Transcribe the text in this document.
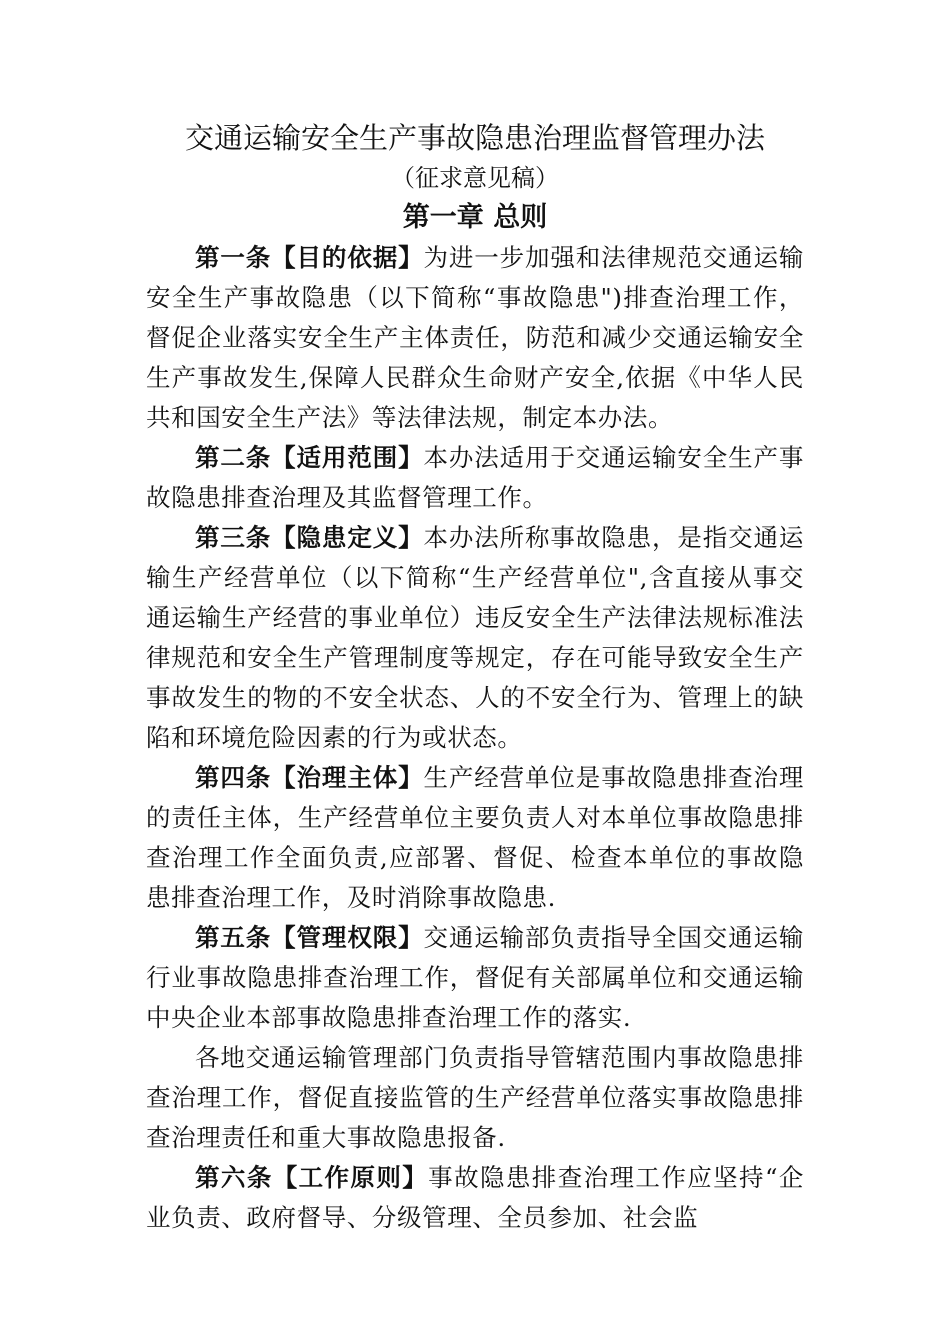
交通运输安全生产事故隐患治理监督管理办法
（征求意见稿）
第一章 总则

第一条【目的依据】为进一步加强和法律规范交通运输安全生产事故隐患（以下简称“事故隐患")排查治理工作，督促企业落实安全生产主体责任，防范和减少交通运输安全生产事故发生,保障人民群众生命财产安全,依据《中华人民共和国安全生产法》等法律法规，制定本办法。

第二条【适用范围】本办法适用于交通运输安全生产事故隐患排查治理及其监督管理工作。

第三条【隐患定义】本办法所称事故隐患，是指交通运输生产经营单位（以下简称“生产经营单位",含直接从事交通运输生产经营的事业单位）违反安全生产法律法规标准法律规范和安全生产管理制度等规定，存在可能导致安全生产事故发生的物的不安全状态、人的不安全行为、管理上的缺陷和环境危险因素的行为或状态。

第四条【治理主体】生产经营单位是事故隐患排查治理的责任主体，生产经营单位主要负责人对本单位事故隐患排查治理工作全面负责,应部署、督促、检查本单位的事故隐患排查治理工作，及时消除事故隐患.

第五条【管理权限】交通运输部负责指导全国交通运输行业事故隐患排查治理工作，督促有关部属单位和交通运输中央企业本部事故隐患排查治理工作的落实.

各地交通运输管理部门负责指导管辖范围内事故隐患排查治理工作，督促直接监管的生产经营单位落实事故隐患排查治理责任和重大事故隐患报备.

第六条【工作原则】事故隐患排查治理工作应坚持“企业负责、政府督导、分级管理、全员参加、社会监
